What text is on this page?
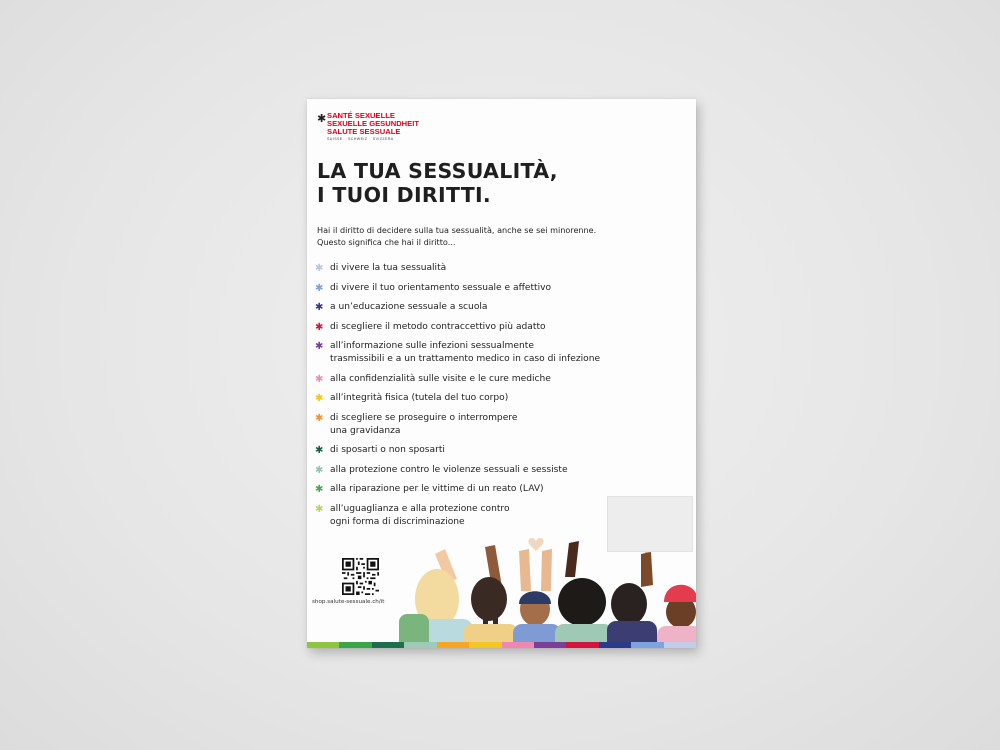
✱ SANTÉ SEXUELLE
SEXUELLE GESUNDHEIT
SALUTE SESSUALE
SUISSE SCHWEIZ SVIZZERA
LA TUA SESSUALITÀ,
I TUOI DIRITTI.
Hai il diritto di decidere sulla tua sessualità, anche se sei minorenne.
Questo significa che hai il diritto...
✱ di vivere la tua sessualità
✱ di vivere il tuo orientamento sessuale e affettivo
✱ a un’educazione sessuale a scuola
✱ di scegliere il metodo contraccettivo più adatto
✱ all’informazione sulle infezioni sessualmente
trasmissibili e a un trattamento medico in caso di infezione
✱ alla confidenzialità sulle visite e le cure mediche
✱ all’integrità fisica (tutela del tuo corpo)
✱ di scegliere se proseguire o interrompere
una gravidanza
✱ di sposarti o non sposarti
✱ alla protezione contro le violenze sessuali e sessiste
✱ alla riparazione per le vittime di un reato (LAV)
✱ all’uguaglianza e alla protezione contro
ogni forma di discriminazione
shop.salute-sessuale.ch/it
